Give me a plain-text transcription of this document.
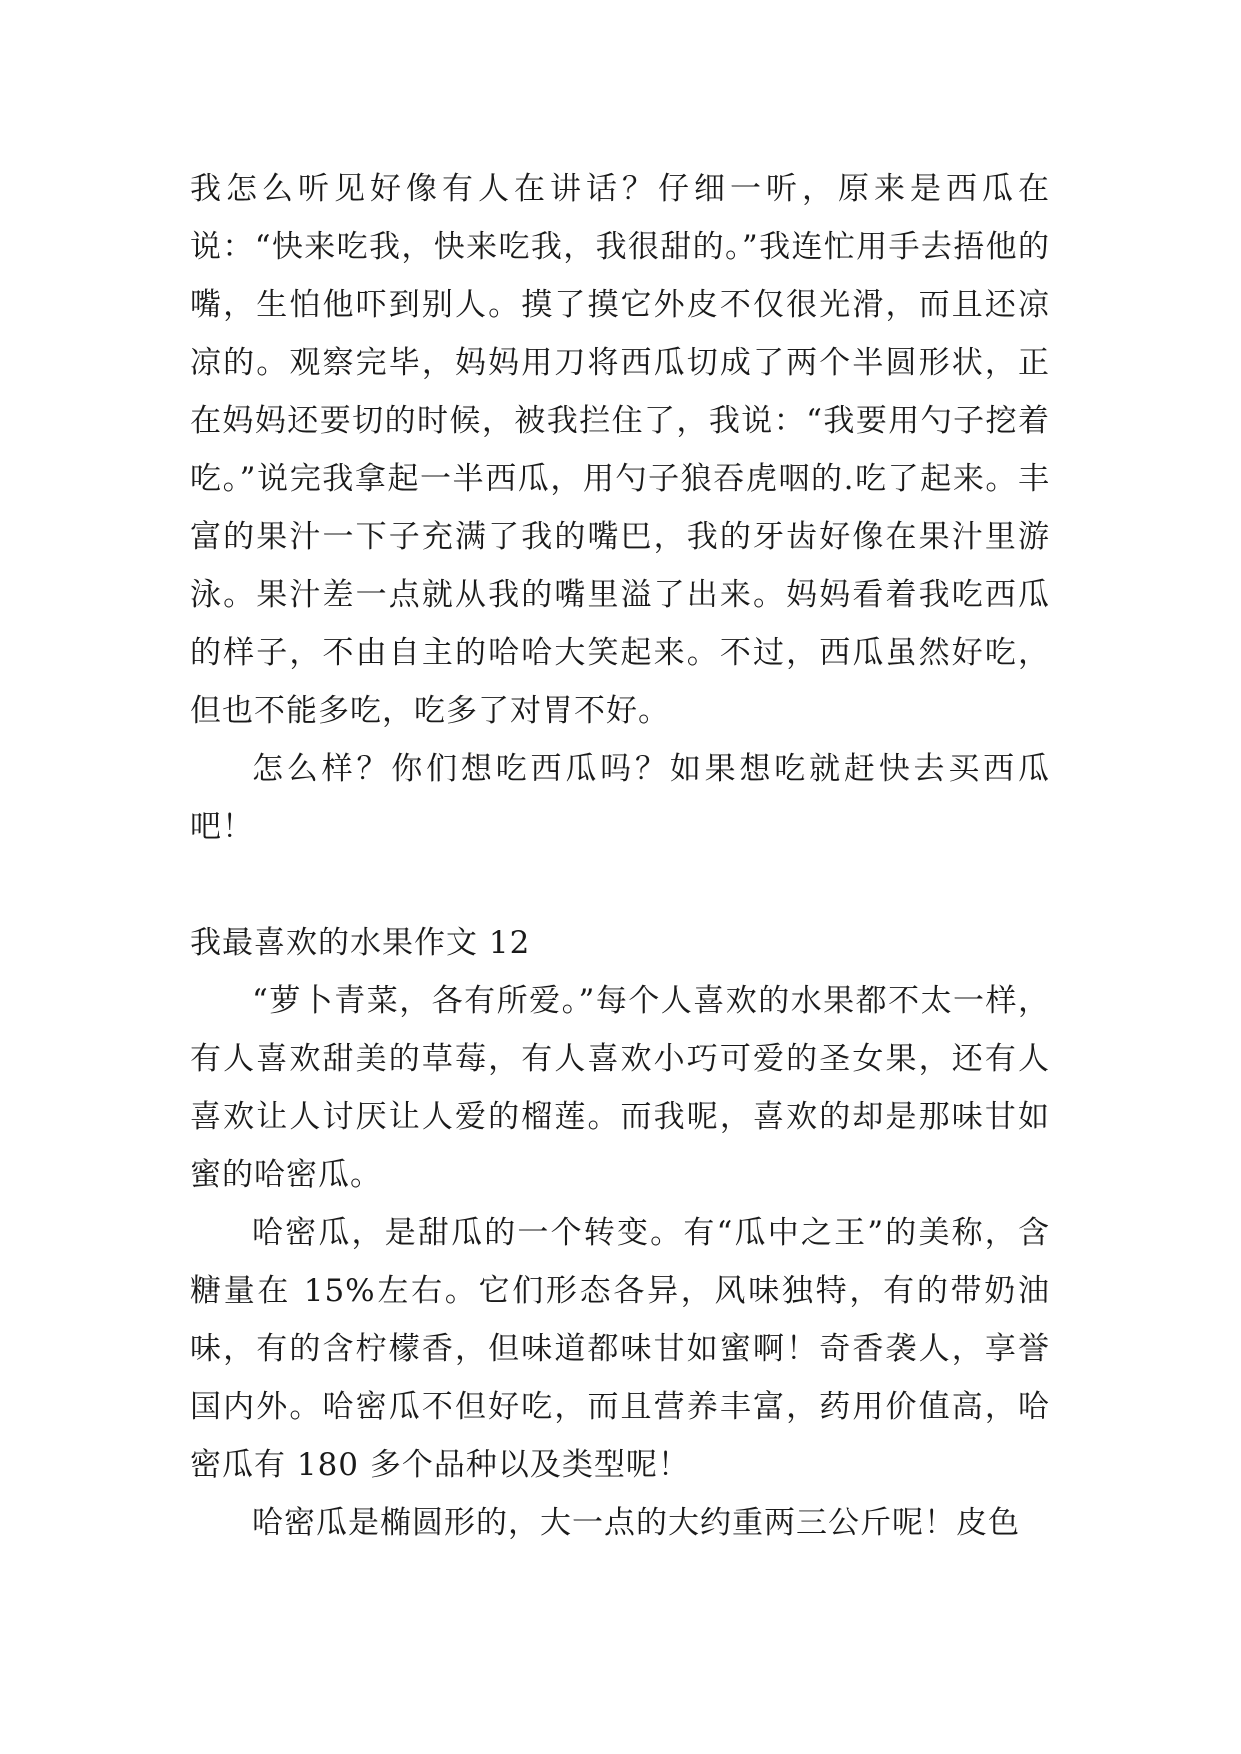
我怎么听见好像有人在讲话？仔细一听，原来是西瓜在说：“快来吃我，快来吃我，我很甜的。”我连忙用手去捂他的嘴，生怕他吓到别人。摸了摸它外皮不仅很光滑，而且还凉凉的。观察完毕，妈妈用刀将西瓜切成了两个半圆形状，正在妈妈还要切的时候，被我拦住了，我说：“我要用勺子挖着吃。”说完我拿起一半西瓜，用勺子狼吞虎咽的.吃了起来。丰富的果汁一下子充满了我的嘴巴，我的牙齿好像在果汁里游泳。果汁差一点就从我的嘴里溢了出来。妈妈看着我吃西瓜的样子，不由自主的哈哈大笑起来。不过，西瓜虽然好吃，但也不能多吃，吃多了对胃不好。

怎么样？你们想吃西瓜吗？如果想吃就赶快去买西瓜吧！

我最喜欢的水果作文 12

“萝卜青菜，各有所爱。”每个人喜欢的水果都不太一样，有人喜欢甜美的草莓，有人喜欢小巧可爱的圣女果，还有人喜欢让人讨厌让人爱的榴莲。而我呢，喜欢的却是那味甘如蜜的哈密瓜。

哈密瓜，是甜瓜的一个转变。有“瓜中之王”的美称，含糖量在 15%左右。它们形态各异，风味独特，有的带奶油味，有的含柠檬香，但味道都味甘如蜜啊！奇香袭人，享誉国内外。哈密瓜不但好吃，而且营养丰富，药用价值高，哈密瓜有 180 多个品种以及类型呢！

哈密瓜是椭圆形的，大一点的大约重两三公斤呢！皮色
